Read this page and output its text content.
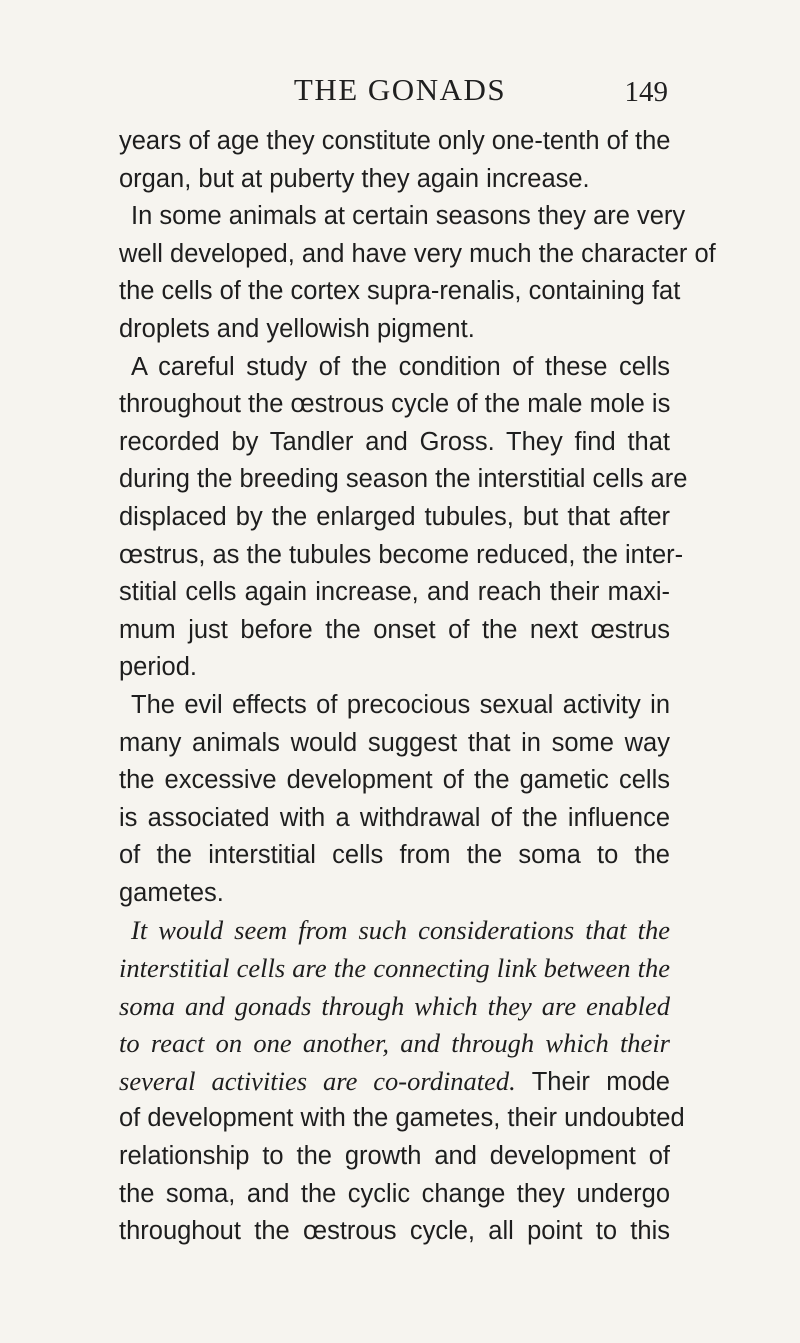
THE GONADS	149
years of age they constitute only one-tenth of the
organ, but at puberty they again increase.
In some animals at certain seasons they are very
well developed, and have very much the character of
the cells of the cortex supra-renalis, containing fat
droplets and yellowish pigment.
A careful study of the condition of these cells
throughout the œstrous cycle of the male mole is
recorded by Tandler and Gross. They find that
during the breeding season the interstitial cells are
displaced by the enlarged tubules, but that after
œstrus, as the tubules become reduced, the inter-
stitial cells again increase, and reach their maxi-
mum just before the onset of the next œstrus
period.
The evil effects of precocious sexual activity in
many animals would suggest that in some way
the excessive development of the gametic cells
is associated with a withdrawal of the influence
of the interstitial cells from the soma to the
gametes.
It would seem from such considerations that the
interstitial cells are the connecting link between the
soma and gonads through which they are enabled
to react on one another, and through which their
several activities are co-ordinated. Their mode
of development with the gametes, their undoubted
relationship to the growth and development of
the soma, and the cyclic change they undergo
throughout the œstrous cycle, all point to this
